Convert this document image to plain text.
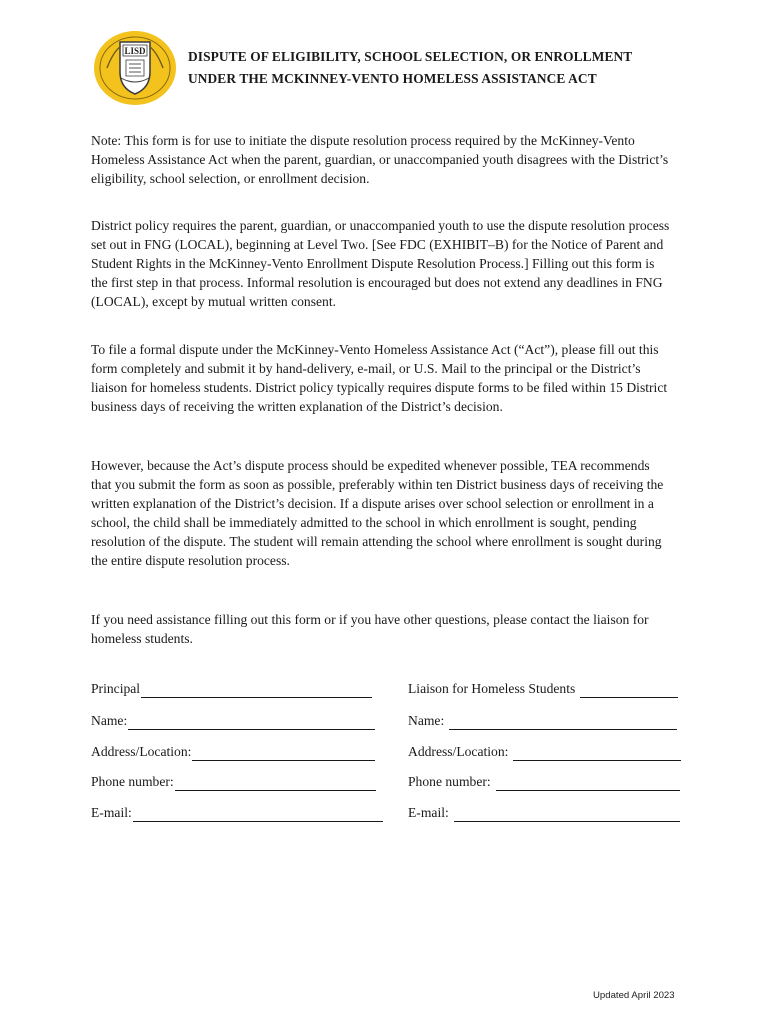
LISD	DISPUTE OF ELIGIBILITY, SCHOOL SELECTION, OR ENROLLMENT
UNDER THE MCKINNEY-VENTO HOMELESS ASSISTANCE ACT

Note: This form is for use to initiate the dispute resolution process required by the McKinney-Vento Homeless Assistance Act when the parent, guardian, or unaccompanied youth disagrees with the District’s eligibility, school selection, or enrollment decision.

District policy requires the parent, guardian, or unaccompanied youth to use the dispute resolution process set out in FNG (LOCAL), beginning at Level Two. [See FDC (EXHIBIT–B) for the Notice of Parent and Student Rights in the McKinney-Vento Enrollment Dispute Resolution Process.] Filling out this form is the first step in that process. Informal resolution is encouraged but does not extend any deadlines in FNG (LOCAL), except by mutual written consent.

To file a formal dispute under the McKinney-Vento Homeless Assistance Act (“Act”), please fill out this form completely and submit it by hand-delivery, e-mail, or U.S. Mail to the principal or the District’s liaison for homeless students. District policy typically requires dispute forms to be filed within 15 District business days of receiving the written explanation of the District’s decision.

However, because the Act’s dispute process should be expedited whenever possible, TEA recommends that you submit the form as soon as possible, preferably within ten District business days of receiving the written explanation of the District’s decision. If a dispute arises over school selection or enrollment in a school, the child shall be immediately admitted to the school in which enrollment is sought, pending resolution of the dispute. The student will remain attending the school where enrollment is sought during the entire dispute resolution process.

If you need assistance filling out this form or if you have other questions, please contact the liaison for homeless students.

Principal
Name:
Address/Location:
Phone number:
E-mail:
Liaison for Homeless Students
Name:
Address/Location:
Phone number:
E-mail:
Updated April 2023
